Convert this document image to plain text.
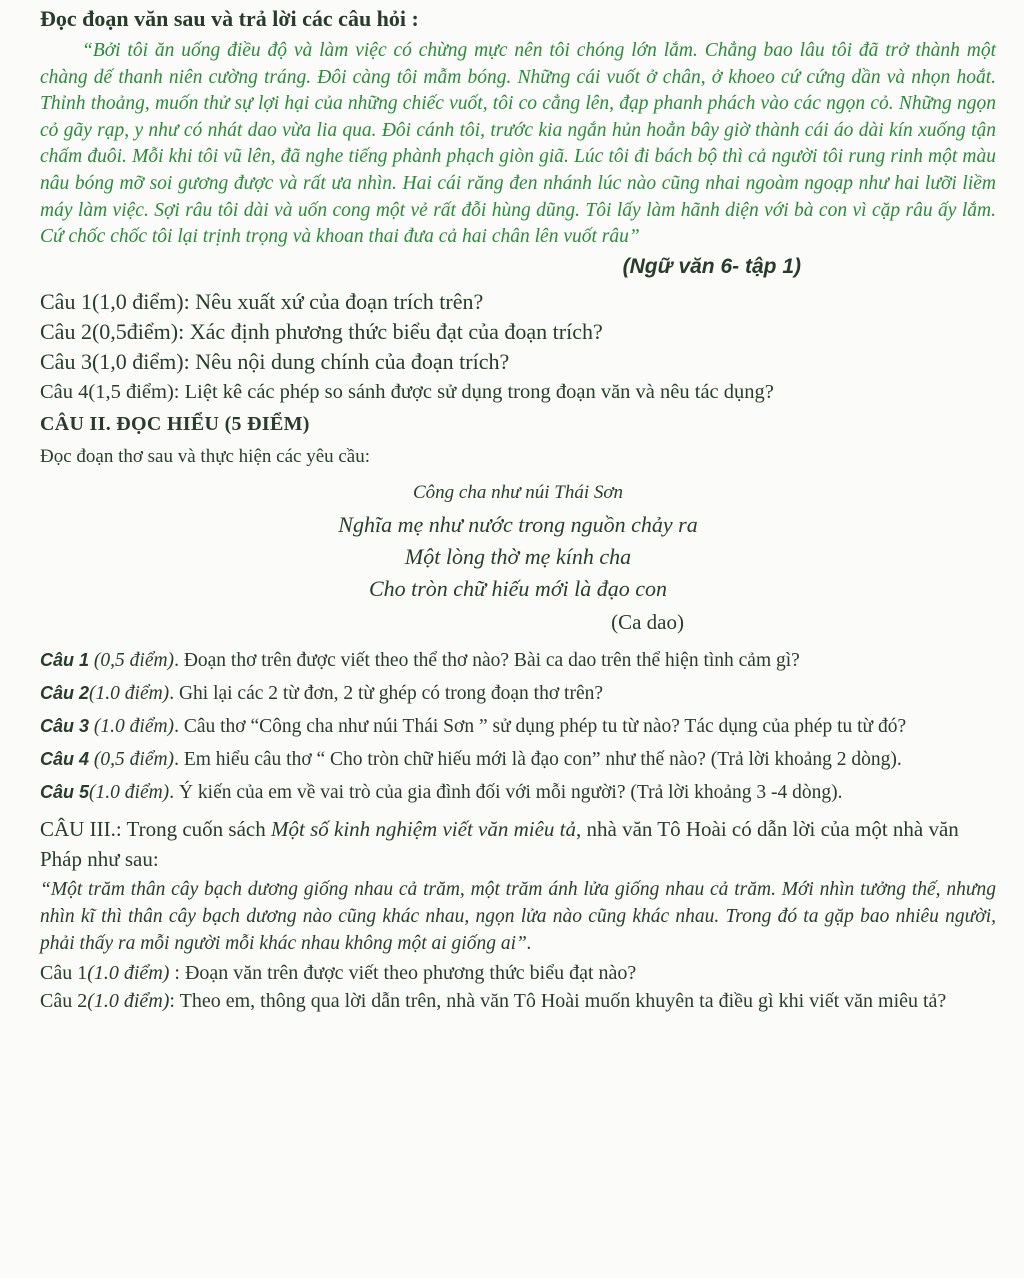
Đọc đoạn văn sau và trả lời các câu hỏi :

“Bởi tôi ăn uống điều độ và làm việc có chừng mực nên tôi chóng lớn lắm. Chẳng bao lâu tôi đã trở thành một chàng dế thanh niên cường tráng. Đôi càng tôi mẫm bóng. Những cái vuốt ở chân, ở khoeo cứ cứng dần và nhọn hoắt. Thỉnh thoảng, muốn thử sự lợi hại của những chiếc vuốt, tôi co cẳng lên, đạp phanh phách vào các ngọn cỏ. Những ngọn cỏ gãy rạp, y như có nhát dao vừa lia qua. Đôi cánh tôi, trước kia ngắn hủn hoẳn bây giờ thành cái áo dài kín xuống tận chấm đuôi. Mỗi khi tôi vũ lên, đã nghe tiếng phành phạch giòn giã. Lúc tôi đi bách bộ thì cả người tôi rung rinh một màu nâu bóng mỡ soi gương được và rất ưa nhìn. Hai cái răng đen nhánh lúc nào cũng nhai ngoàm ngoạp như hai lưỡi liềm máy làm việc. Sợi râu tôi dài và uốn cong một vẻ rất đỗi hùng dũng. Tôi lấy làm hãnh diện với bà con vì cặp râu ấy lắm. Cứ chốc chốc tôi lại trịnh trọng và khoan thai đưa cả hai chân lên vuốt râu”

(Ngữ văn 6- tập 1)

Câu 1(1,0 điểm): Nêu xuất xứ của đoạn trích trên?

Câu 2(0,5điểm): Xác định phương thức biểu đạt của đoạn trích?

Câu 3(1,0 điểm): Nêu nội dung chính của đoạn trích?

Câu 4(1,5 điểm): Liệt kê các phép so sánh được sử dụng trong đoạn văn và nêu tác dụng?

CÂU II. ĐỌC HIỂU (5 ĐIỂM)

Đọc đoạn thơ sau và thực hiện các yêu cầu:

Công cha như núi Thái Sơn

Nghĩa mẹ như nước trong nguồn chảy ra

Một lòng thờ mẹ kính cha

Cho tròn chữ hiếu mới là đạo con

(Ca dao)

Câu 1 (0,5 điểm). Đoạn thơ trên được viết theo thể thơ nào? Bài ca dao trên thể hiện tình cảm gì?

Câu 2(1.0 điểm). Ghi lại các 2 từ đơn, 2 từ ghép có trong đoạn thơ trên?

Câu 3 (1.0 điểm). Câu thơ “Công cha như núi Thái Sơn ” sử dụng phép tu từ nào? Tác dụng của phép tu từ đó?

Câu 4 (0,5 điểm). Em hiểu câu thơ “ Cho tròn chữ hiếu mới là đạo con” như thế nào? (Trả lời khoảng 2 dòng).

Câu 5(1.0 điểm). Ý kiến của em về vai trò của gia đình đối với mỗi người? (Trả lời khoảng 3 -4 dòng).

CÂU III.: Trong cuốn sách Một số kinh nghiệm viết văn miêu tả, nhà văn Tô Hoài có dẫn lời của một nhà văn Pháp như sau:

“Một trăm thân cây bạch dương giống nhau cả trăm, một trăm ánh lửa giống nhau cả trăm. Mới nhìn tưởng thế, nhưng nhìn kĩ thì thân cây bạch dương nào cũng khác nhau, ngọn lửa nào cũng khác nhau. Trong đó ta gặp bao nhiêu người, phải thấy ra mỗi người mỗi khác nhau không một ai giống ai”.

Câu 1(1.0 điểm) : Đoạn văn trên được viết theo phương thức biểu đạt nào?

Câu 2(1.0 điểm): Theo em, thông qua lời dẫn trên, nhà văn Tô Hoài muốn khuyên ta điều gì khi viết văn miêu tả?
